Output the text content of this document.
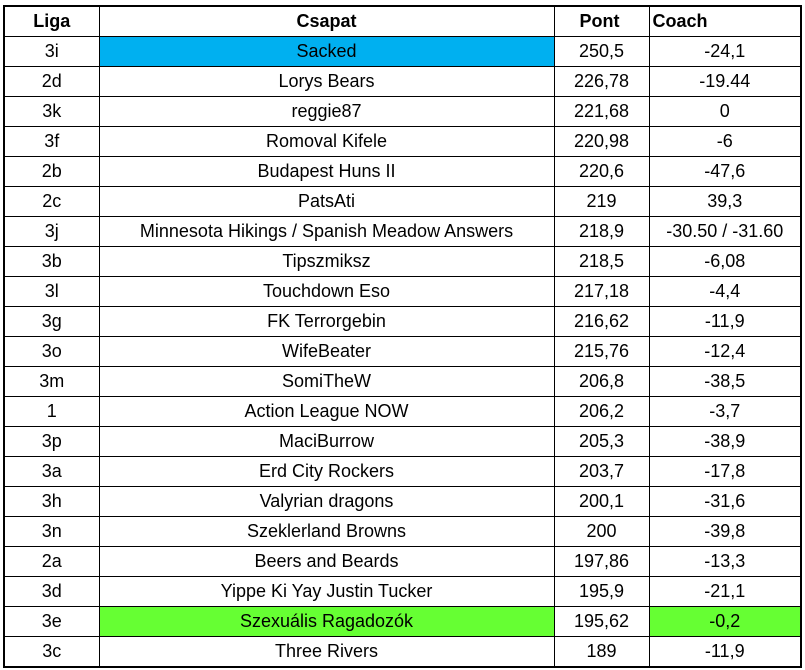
Liga	Csapat	Pont	Coach
3i	Sacked	250,5	-24,1
2d	Lorys Bears	226,78	-19.44
3k	reggie87	221,68	0
3f	Romoval Kifele	220,98	-6
2b	Budapest Huns II	220,6	-47,6
2c	PatsAti	219	39,3
3j	Minnesota Hikings / Spanish Meadow Answers	218,9	-30.50 / -31.60
3b	Tipszmiksz	218,5	-6,08
3l	Touchdown Eso	217,18	-4,4
3g	FK Terrorgebin	216,62	-11,9
3o	WifeBeater	215,76	-12,4
3m	SomiTheW	206,8	-38,5
1	Action League NOW	206,2	-3,7
3p	MaciBurrow	205,3	-38,9
3a	Erd City Rockers	203,7	-17,8
3h	Valyrian dragons	200,1	-31,6
3n	Szeklerland Browns	200	-39,8
2a	Beers and Beards	197,86	-13,3
3d	Yippe Ki Yay Justin Tucker	195,9	-21,1
3e	Szexuális Ragadozók	195,62	-0,2
3c	Three Rivers	189	-11,9
